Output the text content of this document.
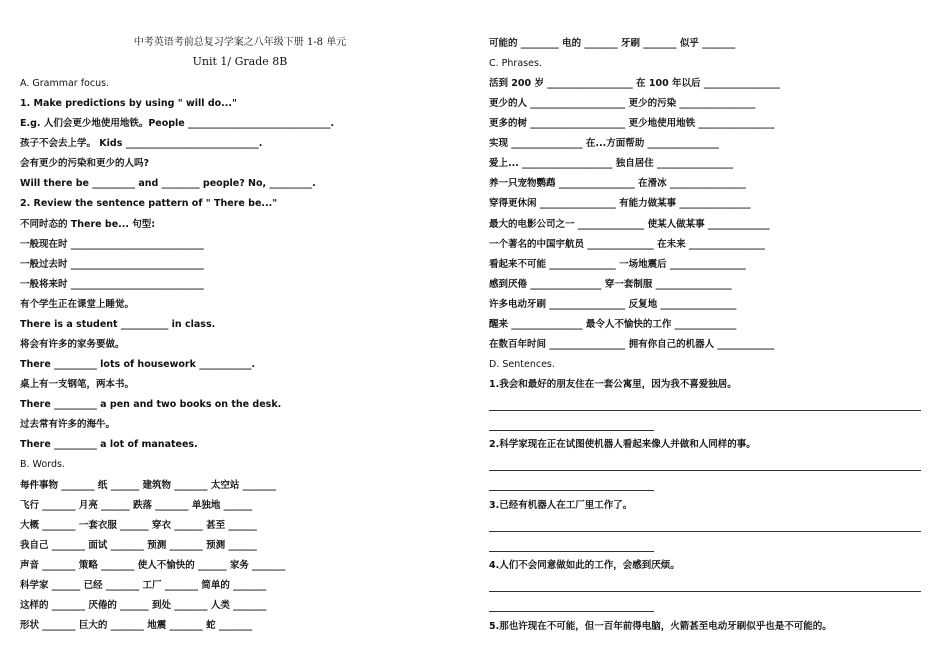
中考英语考前总复习学案之八年级下册 1-8 单元
Unit 1/ Grade 8B
A. Grammar focus.
1. Make predictions by using " will do..."
E.g. 人们会更少地使用地铁。People ______________________________.
孩子不会去上学。 Kids ____________________________.
会有更少的污染和更少的人吗?
Will there be _________ and ________ people? No, _________.
2. Review the sentence pattern of " There be..."
不同时态的 There be... 句型:
一般现在时 ____________________________
一般过去时 ____________________________
一般将来时 ____________________________
有个学生正在课堂上睡觉。
There is a student __________ in class.
将会有许多的家务要做。
There _________ lots of housework ___________.
桌上有一支钢笔，两本书。
There _________ a pen and two books on the desk.
过去常有许多的海牛。
There _________ a lot of manatees.
B. Words.
每件事物 _______ 纸 ______ 建筑物 _______ 太空站 _______
飞行 _______ 月亮 ______ 跌落 _______ 单独地 ______
大概 _______ 一套衣服 ______ 穿衣 ______ 甚至 ______
我自己 _______ 面试 _______ 预测 _______ 预测 ______
声音 _______ 策略 _______ 使人不愉快的 ______ 家务 _______
科学家 ______ 已经 _______ 工厂 _______ 简单的 _______
这样的 _______ 厌倦的 ______ 到处 _______ 人类 _______
形状 _______ 巨大的 _______ 地震 _______ 蛇 _______
可能的 ________ 电的 _______ 牙刷 _______ 似乎 _______
C. Phrases.
活到 200 岁 __________________ 在 100 年以后 ________________
更少的人 ____________________ 更少的污染 ________________
更多的树 ____________________ 更少地使用地铁 ________________
实现 _______________ 在...方面帮助 _______________
爱上... ___________________ 独自居住 ________________
养一只宠物鹦鹉 ________________ 在滑冰 ________________
穿得更休闲 ________________ 有能力做某事 _______________
最大的电影公司之一 ______________ 使某人做某事 _____________
一个著名的中国宇航员 ______________ 在未来 ________________
看起来不可能 ______________ 一场地震后 ________________
感到厌倦 _______________ 穿一套制服 ________________
许多电动牙刷 ________________ 反复地 ________________
醒来 _______________ 最令人不愉快的工作 _____________
在数百年时间 ________________ 拥有你自己的机器人 ____________
D. Sentences.
1.我会和最好的朋友住在一套公寓里，因为我不喜爱独居。
2.科学家现在正在试图使机器人看起来像人并做和人同样的事。
3.已经有机器人在工厂里工作了。
4.人们不会同意做如此的工作，会感到厌烦。
5.那也许现在不可能，但一百年前得电脑，火箭甚至电动牙刷似乎也是不可能的。
